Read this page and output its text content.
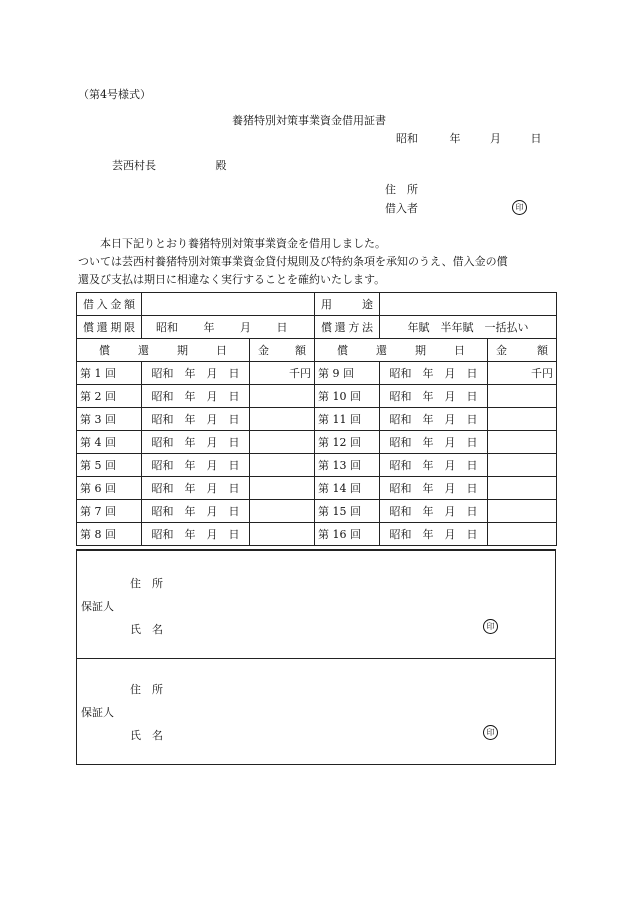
（第4号様式）
養猪特別対策事業資金借用証書
昭和	年	月	日
芸西村長	殿
住　所
借入者	印
本日下記りとおり養猪特別対策事業資金を借用しました。
ついては芸西村養猪特別対策事業資金貸付規則及び特約条項を承知のうえ、借入金の償
還及び支払は期日に相違なく実行することを確約いたします。
借入金額			用途		
償還期限	昭和 年 月 日		償還方法	年賦　半年賦　一括払い	
償還期日		金額	償還期日		金額
第 1 回	昭和　年　月　日	千円	第 9 回	昭和　年　月　日	千円
第 2 回	昭和　年　月　日		第 10 回	昭和　年　月　日	
第 3 回	昭和　年　月　日		第 11 回	昭和　年　月　日	
第 4 回	昭和　年　月　日		第 12 回	昭和　年　月　日	
第 5 回	昭和　年　月　日		第 13 回	昭和　年　月　日	
第 6 回	昭和　年　月　日		第 14 回	昭和　年　月　日	
第 7 回	昭和　年　月　日		第 15 回	昭和　年　月　日	
第 8 回	昭和　年　月　日		第 16 回	昭和　年　月　日	
住　所
保証人
氏　名	印
住　所
保証人
氏　名	印
